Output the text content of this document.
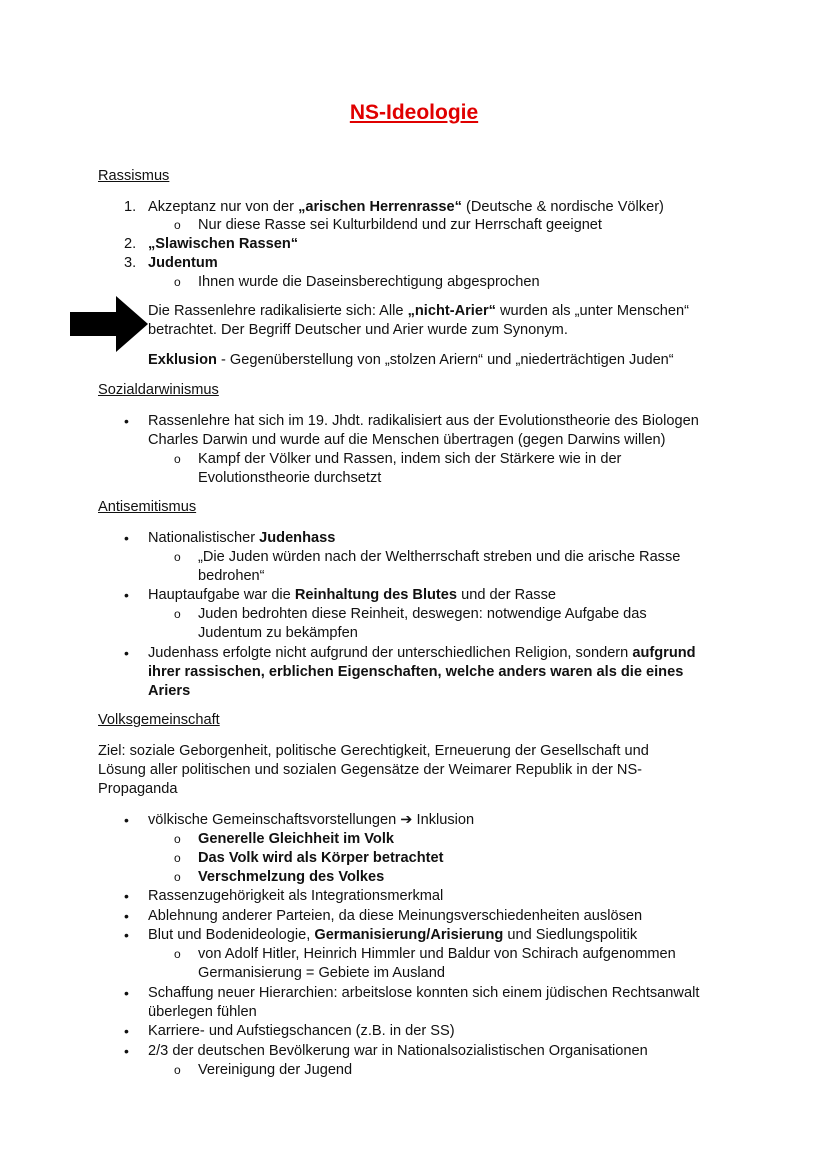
NS-Ideologie
Rassismus
1. Akzeptanz nur von der „arischen Herrenrasse“ (Deutsche & nordische Völker)
o Nur diese Rasse sei Kulturbildend und zur Herrschaft geeignet
2. „Slawischen Rassen“
3. Judentum
o Ihnen wurde die Daseinsberechtigung abgesprochen
Die Rassenlehre radikalisierte sich: Alle „nicht-Arier“ wurden als „unter Menschen“
betrachtet. Der Begriff Deutscher und Arier wurde zum Synonym.
Exklusion - Gegenüberstellung von „stolzen Ariern“ und „niederträchtigen Juden“
Sozialdarwinismus
• Rassenlehre hat sich im 19. Jhdt. radikalisiert aus der Evolutionstheorie des Biologen
Charles Darwin und wurde auf die Menschen übertragen (gegen Darwins willen)
o Kampf der Völker und Rassen, indem sich der Stärkere wie in der
Evolutionstheorie durchsetzt
Antisemitismus
• Nationalistischer Judenhass
o „Die Juden würden nach der Weltherrschaft streben und die arische Rasse
bedrohen“
• Hauptaufgabe war die Reinhaltung des Blutes und der Rasse
o Juden bedrohten diese Reinheit, deswegen: notwendige Aufgabe das
Judentum zu bekämpfen
• Judenhass erfolgte nicht aufgrund der unterschiedlichen Religion, sondern aufgrund
ihrer rassischen, erblichen Eigenschaften, welche anders waren als die eines
Ariers
Volksgemeinschaft
Ziel: soziale Geborgenheit, politische Gerechtigkeit, Erneuerung der Gesellschaft und
Lösung aller politischen und sozialen Gegensätze der Weimarer Republik in der NS-
Propaganda
• völkische Gemeinschaftsvorstellungen ➔ Inklusion
o Generelle Gleichheit im Volk
o Das Volk wird als Körper betrachtet
o Verschmelzung des Volkes
• Rassenzugehörigkeit als Integrationsmerkmal
• Ablehnung anderer Parteien, da diese Meinungsverschiedenheiten auslösen
• Blut und Bodenideologie, Germanisierung/Arisierung und Siedlungspolitik
o von Adolf Hitler, Heinrich Himmler und Baldur von Schirach aufgenommen
Germanisierung = Gebiete im Ausland
• Schaffung neuer Hierarchien: arbeitslose konnten sich einem jüdischen Rechtsanwalt
überlegen fühlen
• Karriere- und Aufstiegschancen (z.B. in der SS)
• 2/3 der deutschen Bevölkerung war in Nationalsozialistischen Organisationen
o Vereinigung der Jugend
